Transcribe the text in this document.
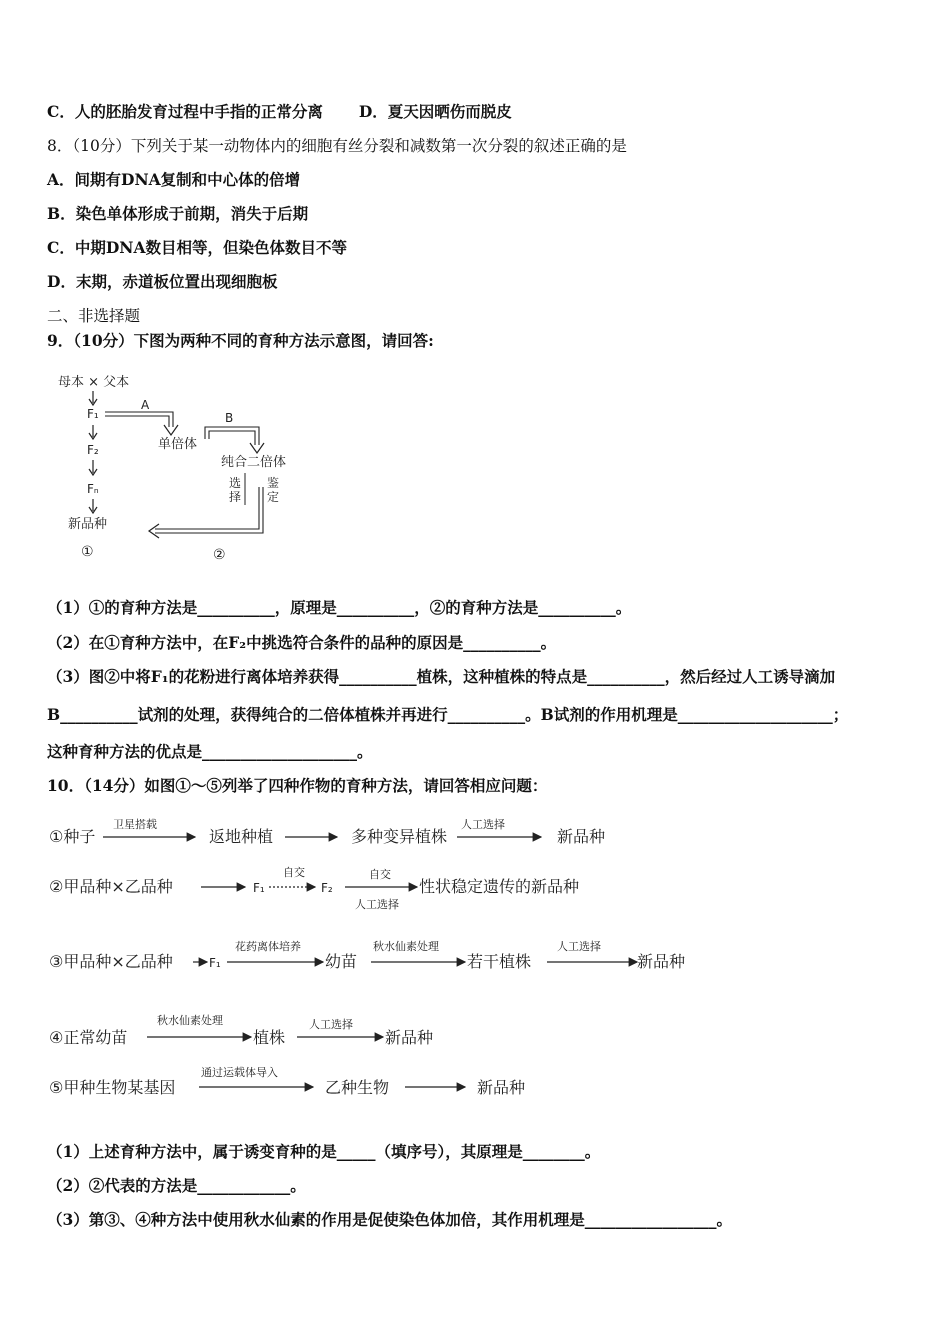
C．人的胚胎发育过程中手指的正常分离 D．夏天因晒伤而脱皮
8．（10分）下列关于某一动物体内的细胞有丝分裂和减数第一次分裂的叙述正确的是
A．间期有DNA复制和中心体的倍增
B．染色单体形成于前期，消失于后期
C．中期DNA数目相等，但染色体数目不等
D．末期，赤道板位置出现细胞板
二、非选择题
9．（10分）下图为两种不同的育种方法示意图，请回答:
母本 × 父本
F₁
F₂
Fₙ
新品种
①
A
单倍体
B
纯合二倍体
选择
鉴定
②
（1）①的育种方法是__________，原理是__________，②的育种方法是__________。
（2）在①育种方法中，在F₂中挑选符合条件的品种的原因是__________。
（3）图②中将F₁的花粉进行离体培养获得__________植株，这种植株的特点是__________，然后经过人工诱导滴加
B__________试剂的处理，获得纯合的二倍体植株并再进行__________。B试剂的作用机理是____________________；
这种育种方法的优点是____________________。
10．（14分）如图①～⑤列举了四种作物的育种方法，请回答相应问题：
①种子
卫星搭载
返地种植	多种变异植株
人工选择
新品种
②甲品种×乙品种	F₁
自交
F₂
自交
人工选择
性状稳定遗传的新品种
③甲品种×乙品种	F₁
花药离体培养
幼苗
秋水仙素处理
若干植株
人工选择
新品种
④正常幼苗
秋水仙素处理
植株
人工选择
新品种
⑤甲种生物某基因
通过运载体导入
乙种生物	新品种
（1）上述育种方法中，属于诱变育种的是_____（填序号），其原理是________。
（2）②代表的方法是____________。
（3）第③、④种方法中使用秋水仙素的作用是促使染色体加倍，其作用机理是_________________。
